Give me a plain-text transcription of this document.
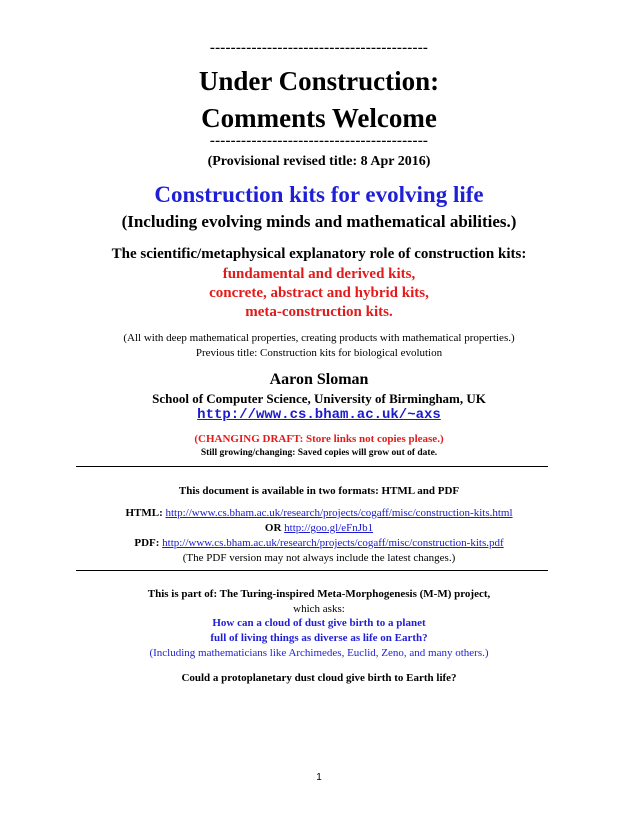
------------------------------------------
Under Construction:
Comments Welcome
------------------------------------------
(Provisional revised title: 8 Apr 2016)
Construction kits for evolving life
(Including evolving minds and mathematical abilities.)
The scientific/metaphysical explanatory role of construction kits:
fundamental and derived kits,
concrete, abstract and hybrid kits,
meta-construction kits.
(All with deep mathematical properties, creating products with mathematical properties.)
Previous title: Construction kits for biological evolution
Aaron Sloman
School of Computer Science, University of Birmingham, UK
http://www.cs.bham.ac.uk/~axs
(CHANGING DRAFT: Store links not copies please.)
Still growing/changing: Saved copies will grow out of date.
This document is available in two formats: HTML and PDF
HTML: http://www.cs.bham.ac.uk/research/projects/cogaff/misc/construction-kits.html
OR http://goo.gl/eFnJb1
PDF: http://www.cs.bham.ac.uk/research/projects/cogaff/misc/construction-kits.pdf
(The PDF version may not always include the latest changes.)
This is part of: The Turing-inspired Meta-Morphogenesis (M-M) project,
which asks:
How can a cloud of dust give birth to a planet
full of living things as diverse as life on Earth?
(Including mathematicians like Archimedes, Euclid, Zeno, and many others.)
Could a protoplanetary dust cloud give birth to Earth life?
1
